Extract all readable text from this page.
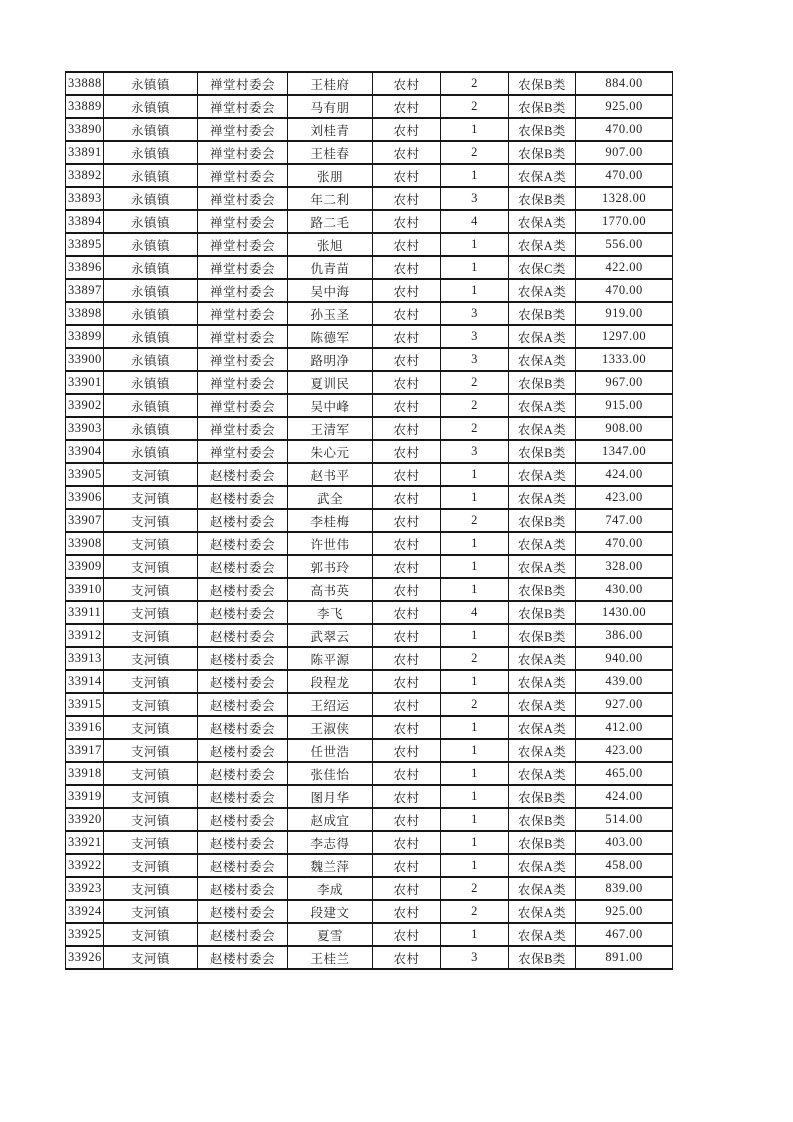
33888	永镇镇	禅堂村委会	王桂府	农村	2	农保B类	884.00
33889	永镇镇	禅堂村委会	马有朋	农村	2	农保B类	925.00
33890	永镇镇	禅堂村委会	刘桂青	农村	1	农保B类	470.00
33891	永镇镇	禅堂村委会	王桂春	农村	2	农保B类	907.00
33892	永镇镇	禅堂村委会	张朋	农村	1	农保A类	470.00
33893	永镇镇	禅堂村委会	年二利	农村	3	农保B类	1328.00
33894	永镇镇	禅堂村委会	路二毛	农村	4	农保A类	1770.00
33895	永镇镇	禅堂村委会	张旭	农村	1	农保A类	556.00
33896	永镇镇	禅堂村委会	仇青苗	农村	1	农保C类	422.00
33897	永镇镇	禅堂村委会	吴中海	农村	1	农保A类	470.00
33898	永镇镇	禅堂村委会	孙玉圣	农村	3	农保B类	919.00
33899	永镇镇	禅堂村委会	陈德军	农村	3	农保A类	1297.00
33900	永镇镇	禅堂村委会	路明净	农村	3	农保A类	1333.00
33901	永镇镇	禅堂村委会	夏训民	农村	2	农保B类	967.00
33902	永镇镇	禅堂村委会	吴中峰	农村	2	农保A类	915.00
33903	永镇镇	禅堂村委会	王清军	农村	2	农保A类	908.00
33904	永镇镇	禅堂村委会	朱心元	农村	3	农保B类	1347.00
33905	支河镇	赵楼村委会	赵书平	农村	1	农保A类	424.00
33906	支河镇	赵楼村委会	武全	农村	1	农保A类	423.00
33907	支河镇	赵楼村委会	李桂梅	农村	2	农保B类	747.00
33908	支河镇	赵楼村委会	许世伟	农村	1	农保A类	470.00
33909	支河镇	赵楼村委会	郭书玲	农村	1	农保A类	328.00
33910	支河镇	赵楼村委会	高书英	农村	1	农保B类	430.00
33911	支河镇	赵楼村委会	李飞	农村	4	农保B类	1430.00
33912	支河镇	赵楼村委会	武翠云	农村	1	农保B类	386.00
33913	支河镇	赵楼村委会	陈平源	农村	2	农保A类	940.00
33914	支河镇	赵楼村委会	段程龙	农村	1	农保A类	439.00
33915	支河镇	赵楼村委会	王绍运	农村	2	农保A类	927.00
33916	支河镇	赵楼村委会	王淑侠	农村	1	农保A类	412.00
33917	支河镇	赵楼村委会	任世浩	农村	1	农保A类	423.00
33918	支河镇	赵楼村委会	张佳怡	农村	1	农保A类	465.00
33919	支河镇	赵楼村委会	图月华	农村	1	农保B类	424.00
33920	支河镇	赵楼村委会	赵成宜	农村	1	农保B类	514.00
33921	支河镇	赵楼村委会	李志得	农村	1	农保B类	403.00
33922	支河镇	赵楼村委会	魏兰萍	农村	1	农保A类	458.00
33923	支河镇	赵楼村委会	李成	农村	2	农保A类	839.00
33924	支河镇	赵楼村委会	段建文	农村	2	农保A类	925.00
33925	支河镇	赵楼村委会	夏雪	农村	1	农保A类	467.00
33926	支河镇	赵楼村委会	王桂兰	农村	3	农保B类	891.00
